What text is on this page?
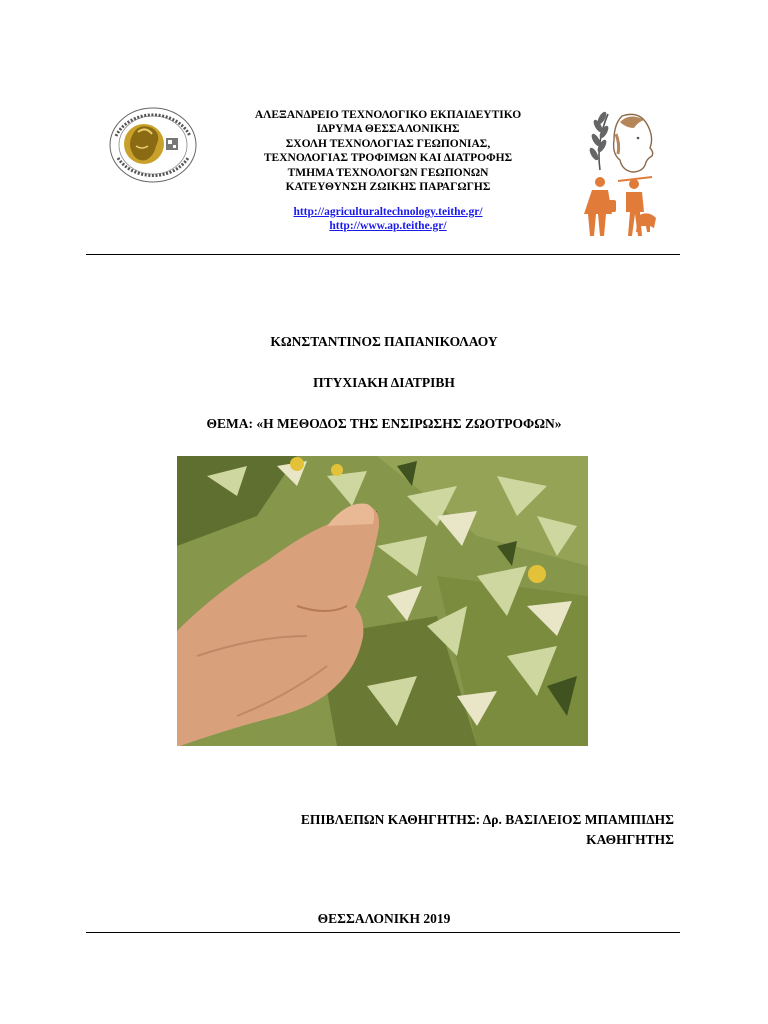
ΑΛΕΞΑΝΔΡΕΙΟ ΤΕΧΝΟΛΟΓΙΚΟ ΕΚΠΑΙΔΕΥΤΙΚΟ
ΙΔΡΥΜΑ ΘΕΣΣΑΛΟΝΙΚΗΣ
ΣΧΟΛΗ ΤΕΧΝΟΛΟΓΙΑΣ ΓΕΩΠΟΝΙΑΣ,
ΤΕΧΝΟΛΟΓΙΑΣ ΤΡΟΦΙΜΩΝ ΚΑΙ ΔΙΑΤΡΟΦΗΣ
ΤΜΗΜΑ ΤΕΧΝΟΛΟΓΩΝ ΓΕΩΠΟΝΩΝ
ΚΑΤΕΥΘΥΝΣΗ ΖΩΙΚΗΣ ΠΑΡΑΓΩΓΗΣ
http://agriculturaltechnology.teithe.gr/
http://www.ap.teithe.gr/
ΚΩΝΣΤΑΝΤΙΝΟΣ ΠΑΠΑΝΙΚΟΛΑΟΥ
ΠΤΥΧΙΑΚΗ ΔΙΑΤΡΙΒΗ
ΘΕΜΑ: «Η ΜΕΘΟΔΟΣ ΤΗΣ ΕΝΣΙΡΩΣΗΣ ΖΩΟΤΡΟΦΩΝ»
ΕΠΙΒΛΕΠΩΝ ΚΑΘΗΓΗΤΗΣ: Δρ. ΒΑΣΙΛΕΙΟΣ ΜΠΑΜΠΙΔΗΣ
ΚΑΘΗΓΗΤΗΣ
ΘΕΣΣΑΛΟΝΙΚΗ 2019
